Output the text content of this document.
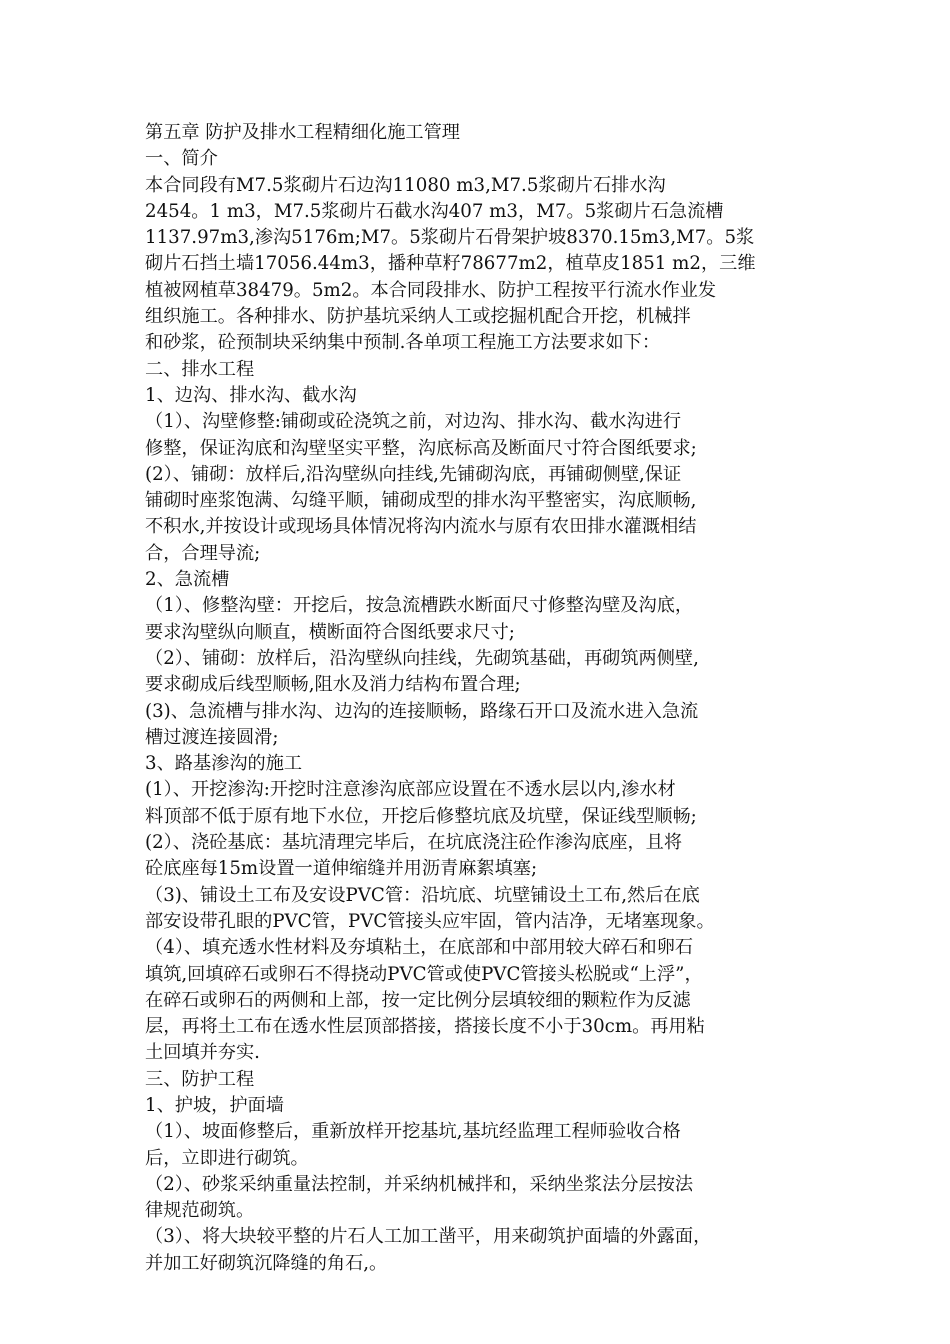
第五章 防护及排水工程精细化施工管理
一、简介
本合同段有M7.5浆砌片石边沟11080 m3,M7.5浆砌片石排水沟
2454。1 m3，M7.5浆砌片石截水沟407 m3，M7。5浆砌片石急流槽
1137.97m3,渗沟5176m;M7。5浆砌片石骨架护坡8370.15m3,M7。5浆
砌片石挡土墙17056.44m3，播种草籽78677m2，植草皮1851 m2，三维
植被网植草38479。5m2。本合同段排水、防护工程按平行流水作业发
组织施工。各种排水、防护基坑采纳人工或挖掘机配合开挖，机械拌
和砂浆，砼预制块采纳集中预制.各单项工程施工方法要求如下：
二、排水工程
1、边沟、排水沟、截水沟
（1）、沟壁修整:铺砌或砼浇筑之前，对边沟、排水沟、截水沟进行
修整，保证沟底和沟壁坚实平整，沟底标高及断面尺寸符合图纸要求;
(2）、铺砌：放样后,沿沟壁纵向挂线,先铺砌沟底，再铺砌侧壁,保证
铺砌时座浆饱满、勾缝平顺，铺砌成型的排水沟平整密实，沟底顺畅,
不积水,并按设计或现场具体情况将沟内流水与原有农田排水灌溉相结
合，合理导流;
2、急流槽
（1）、修整沟壁：开挖后，按急流槽跌水断面尺寸修整沟壁及沟底，
要求沟壁纵向顺直，横断面符合图纸要求尺寸;
（2）、铺砌：放样后，沿沟壁纵向挂线，先砌筑基础，再砌筑两侧壁,
要求砌成后线型顺畅,阻水及消力结构布置合理;
(3)、急流槽与排水沟、边沟的连接顺畅，路缘石开口及流水进入急流
槽过渡连接圆滑;
3、路基渗沟的施工
(1）、开挖渗沟:开挖时注意渗沟底部应设置在不透水层以内,渗水材
料顶部不低于原有地下水位，开挖后修整坑底及坑壁，保证线型顺畅;
(2）、浇砼基底：基坑清理完毕后，在坑底浇注砼作渗沟底座，且将
砼底座每15m设置一道伸缩缝并用沥青麻絮填塞;
（3)、铺设土工布及安设PVC管：沿坑底、坑壁铺设土工布,然后在底
部安设带孔眼的PVC管，PVC管接头应牢固，管内洁净，无堵塞现象。
（4）、填充透水性材料及夯填粘土，在底部和中部用较大碎石和卵石
填筑,回填碎石或卵石不得挠动PVC管或使PVC管接头松脱或“上浮”，
在碎石或卵石的两侧和上部，按一定比例分层填较细的颗粒作为反滤
层，再将土工布在透水性层顶部搭接，搭接长度不小于30cm。再用粘
土回填并夯实.
三、防护工程
1、护坡，护面墙
（1）、坡面修整后，重新放样开挖基坑,基坑经监理工程师验收合格
后，立即进行砌筑。
（2）、砂浆采纳重量法控制，并采纳机械拌和，采纳坐浆法分层按法
律规范砌筑。
（3）、将大块较平整的片石人工加工凿平，用来砌筑护面墙的外露面，
并加工好砌筑沉降缝的角石,。
